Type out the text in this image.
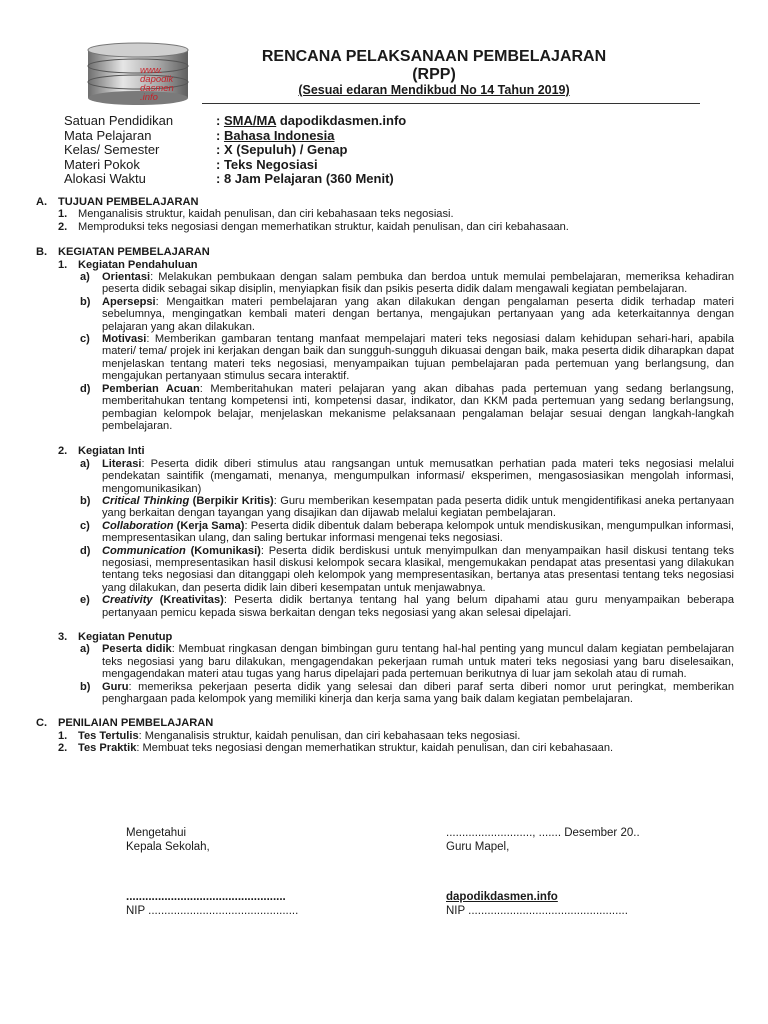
www.
dapodik
dasmen
.info
RENCANA PELAKSANAAN PEMBELAJARAN
(RPP)
(Sesuai edaran Mendikbud No 14 Tahun 2019)
Satuan Pendidikan	: SMA/MA dapodikdasmen.info
Mata Pelajaran	: Bahasa Indonesia
Kelas/ Semester	: X (Sepuluh) / Genap
Materi Pokok	: Teks Negosiasi
Alokasi Waktu	: 8 Jam Pelajaran (360 Menit)
A. TUJUAN PEMBELAJARAN
1. Menganalisis struktur, kaidah penulisan, dan ciri kebahasaan teks negosiasi.
2. Memproduksi teks negosiasi dengan memerhatikan struktur, kaidah penulisan, dan ciri kebahasaan.
B. KEGIATAN PEMBELAJARAN
1. Kegiatan Pendahuluan
a)	Orientasi: Melakukan pembukaan dengan salam pembuka dan berdoa untuk memulai pembelajaran, memeriksa kehadiran peserta didik sebagai sikap disiplin, menyiapkan fisik dan psikis peserta didik dalam mengawali kegiatan pembelajaran.
b)	Apersepsi: Mengaitkan materi pembelajaran yang akan dilakukan dengan pengalaman peserta didik terhadap materi sebelumnya, mengingatkan kembali materi dengan bertanya, mengajukan pertanyaan yang ada keterkaitannya dengan pelajaran yang akan dilakukan.
c)	Motivasi: Memberikan gambaran tentang manfaat mempelajari materi teks negosiasi dalam kehidupan sehari-hari, apabila materi/ tema/ projek ini kerjakan dengan baik dan sungguh-sungguh dikuasai dengan baik, maka peserta didik diharapkan dapat menjelaskan tentang materi teks negosiasi, menyampaikan tujuan pembelajaran pada pertemuan yang berlangsung, dan mengajukan pertanyaan stimulus secara interaktif.
d)	Pemberian Acuan: Memberitahukan materi pelajaran yang akan dibahas pada pertemuan yang sedang berlangsung, memberitahukan tentang kompetensi inti, kompetensi dasar, indikator, dan KKM pada pertemuan yang sedang berlangsung, pembagian kelompok belajar, menjelaskan mekanisme pelaksanaan pengalaman belajar sesuai dengan langkah-langkah pembelajaran.
2. Kegiatan Inti
a)	Literasi: Peserta didik diberi stimulus atau rangsangan untuk memusatkan perhatian pada materi teks negosiasi melalui pendekatan saintifik (mengamati, menanya, mengumpulkan informasi/ eksperimen, mengasosiasikan mengolah informasi, mengomunikasikan)
b)	Critical Thinking (Berpikir Kritis): Guru memberikan kesempatan pada peserta didik untuk mengidentifikasi aneka pertanyaan yang berkaitan dengan tayangan yang disajikan dan dijawab melalui kegiatan pembelajaran.
c)	Collaboration (Kerja Sama): Peserta didik dibentuk dalam beberapa kelompok untuk mendiskusikan, mengumpulkan informasi, mempresentasikan ulang, dan saling bertukar informasi mengenai teks negosiasi.
d)	Communication (Komunikasi): Peserta didik berdiskusi untuk menyimpulkan dan menyampaikan hasil diskusi tentang teks negosiasi, mempresentasikan hasil diskusi kelompok secara klasikal, mengemukakan pendapat atas presentasi yang dilakukan tentang teks negosiasi dan ditanggapi oleh kelompok yang mempresentasikan, bertanya atas presentasi tentang teks negosiasi yang dilakukan, dan peserta didik lain diberi kesempatan untuk menjawabnya.
e)	Creativity (Kreativitas): Peserta didik bertanya tentang hal yang belum dipahami atau guru menyampaikan beberapa pertanyaan pemicu kepada siswa berkaitan dengan teks negosiasi yang akan selesai dipelajari.
3. Kegiatan Penutup
a)	Peserta didik: Membuat ringkasan dengan bimbingan guru tentang hal-hal penting yang muncul dalam kegiatan pembelajaran teks negosiasi yang baru dilakukan, mengagendakan pekerjaan rumah untuk materi teks negosiasi yang baru diselesaikan, mengagendakan materi atau tugas yang harus dipelajari pada pertemuan berikutnya di luar jam sekolah atau di rumah.
b)	Guru: memeriksa pekerjaan peserta didik yang selesai dan diberi paraf serta diberi nomor urut peringkat, memberikan penghargaan pada kelompok yang memiliki kinerja dan kerja sama yang baik dalam kegiatan pembelajaran.
C. PENILAIAN PEMBELAJARAN
1. Tes Tertulis: Menganalisis struktur, kaidah penulisan, dan ciri kebahasaan teks negosiasi.
2. Tes Praktik: Membuat teks negosiasi dengan memerhatikan struktur, kaidah penulisan, dan ciri kebahasaan.
Mengetahui
Kepala Sekolah,
..................................................
NIP ...............................................
..........................., ....... Desember 20..
Guru Mapel,
dapodikdasmen.info
NIP ..................................................
